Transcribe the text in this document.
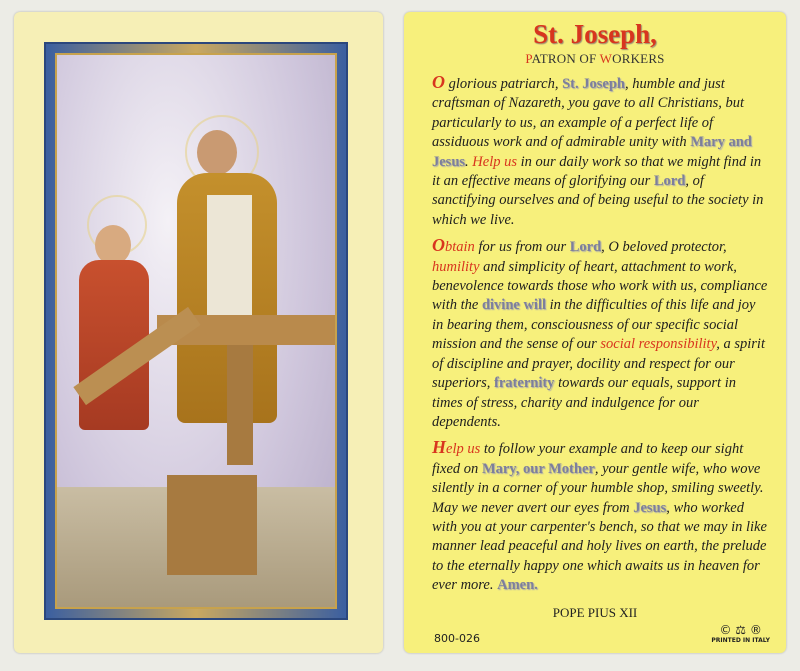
St. Joseph,
PATRON OF WORKERS

O glorious patriarch, St. Joseph, humble and just craftsman of Nazareth, you gave to all Christians, but particularly to us, an example of a perfect life of assiduous work and of admirable unity with Mary and Jesus. Help us in our daily work so that we might find in it an effective means of glorifying our Lord, of sanctifying ourselves and of being useful to the society in which we live.

Obtain for us from our Lord, O beloved protector, humility and simplicity of heart, attachment to work, benevolence towards those who work with us, compliance with the divine will in the difficulties of this life and joy in bearing them, consciousness of our specific social mission and the sense of our social responsibility, a spirit of discipline and prayer, docility and respect for our superiors, fraternity towards our equals, support in times of stress, charity and indulgence for our dependents.

Help us to follow your example and to keep our sight fixed on Mary, our Mother, your gentle wife, who wove silently in a corner of your humble shop, smiling sweetly. May we never avert our eyes from Jesus, who worked with you at your carpenter's bench, so that we may in like manner lead peaceful and holy lives on earth, the prelude to the eternally happy one which awaits us in heaven for ever more. Amen.

POPE PIUS XII
800-026
© ⚖ ®
PRINTED IN ITALY
